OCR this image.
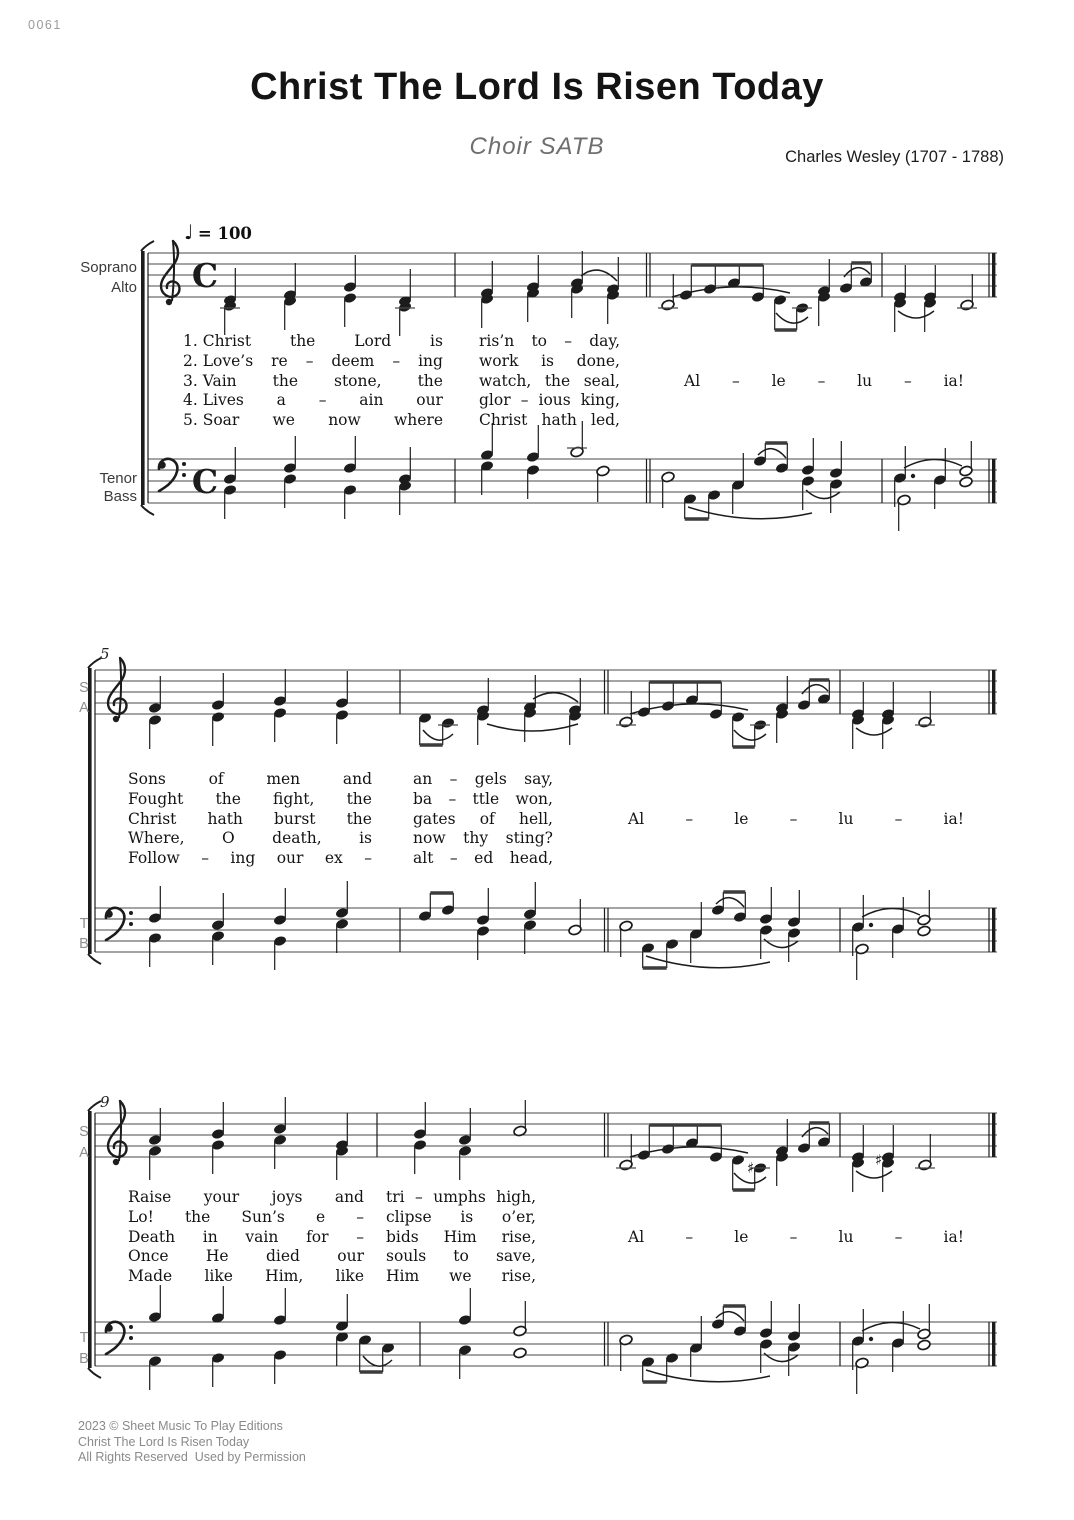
C
C
♯	♯
0061
Christ The Lord Is Risen Today
Choir SATB	Charles Wesley (1707 - 1788)
♩ = 100
Soprano
Alto
Tenor
Bass
5
S
A
T
B
9
S
A
T
B
1. Christ	the	Lord	is ris’n to – day,
2. Love’s re – deem – ing work is done,
3. Vain the stone, the watch, the seal,
4. Lives a – ain our glor – ious king,
5. Soar we now where Christ hath led,
Al – le – lu – ia!
Sons	of	men	and	an – gels say,
Fought the fight, the	ba – ttle won,
Christ hath burst the	gates of hell,
Where, O death, is	now thy sting?
Follow – ing our ex –	alt – ed head,
Al	–	le	–	lu	–	ia!
Raise your joys and tri – umphs high,
Lo! the Sun’s e – clipse is o’er,
Death in vain for – bids Him rise,
Once He died our souls to save,
Made like Him, like Him we rise,
Al	–	le	–	lu	–	ia!
2023 © Sheet Music To Play Editions
Christ The Lord Is Risen Today
All Rights Reserved  Used by Permission
